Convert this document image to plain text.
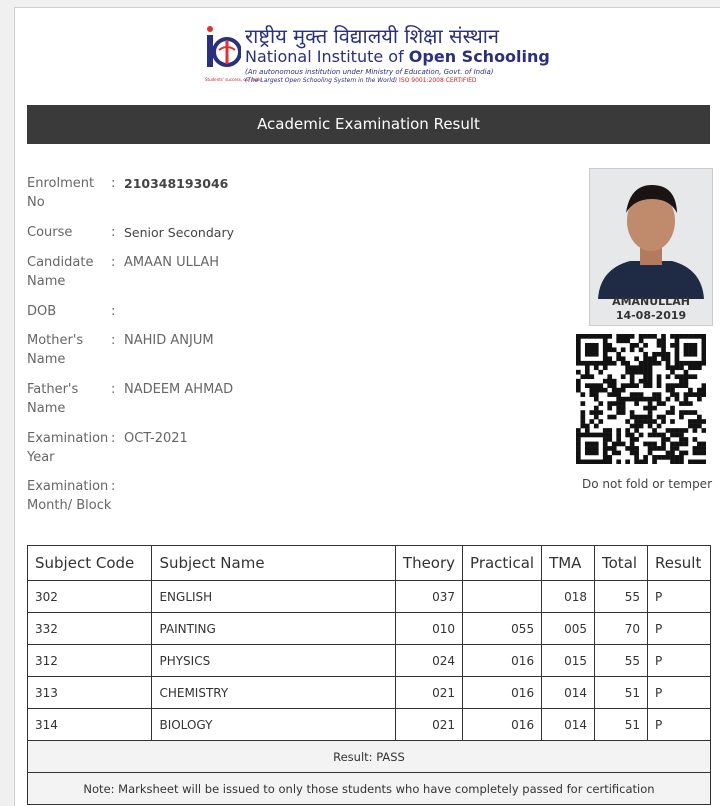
Students' success, our pride
राष्ट्रीय मुक्त विद्यालयी शिक्षा संस्थान
National Institute of Open Schooling
(An autonomous institution under Ministry of Education, Govt. of India)
(The Largest Open Schooling System in the World) ISO 9001:2008 CERTIFIED
Academic Examination Result
Enrolment No
: 210348193046
Course	: Senior Secondary
Candidate Name
: AMAAN ULLAH
DOB	:
Mother's Name
: NAHID ANJUM
Father's Name
: NADEEM AHMAD
Examination Year
: OCT-2021
Examination Month/ Block
:
AMANULLAH
14-08-2019
Do not fold or temper
Subject Code	Subject Name	Theory	Practical	TMA	Total	Result
302	ENGLISH	037		018	55	P
332	PAINTING	010	055	005	70	P
312	PHYSICS	024	016	015	55	P
313	CHEMISTRY	021	016	014	51	P
314	BIOLOGY	021	016	014	51	P
Result: PASS						
Note: Marksheet will be issued to only those students who have completely passed for certification						
